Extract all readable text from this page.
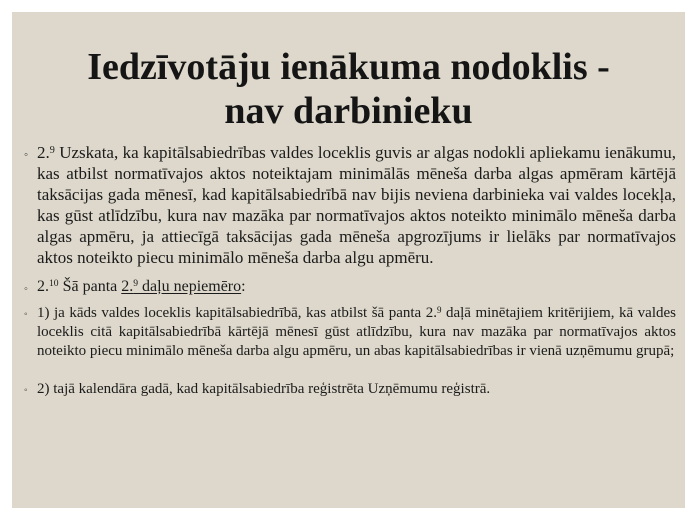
Iedzīvotāju ienākuma nodoklis -
nav darbinieku
◦ 2.$^9$ Uzskata, ka kapitālsabiedrības valdes loceklis guvis ar algas nodokli apliekamu ienākumu, kas atbilst normatīvajos aktos noteiktajam minimālās mēneša darba algas apmēram kārtējā taksācijas gada mēnesī, kad kapitālsabiedrībā nav bijis neviena darbinieka vai valdes locekļa, kas gūst atlīdzību, kura nav mazāka par normatīvajos aktos noteikto minimālo mēneša darba algas apmēru, ja attiecīgā taksācijas gada mēneša apgrozījums ir lielāks par normatīvajos aktos noteikto piecu minimālo mēneša darba algu apmēru.
◦ 2.10 Šā panta 2.$^9$ daļu nepiemēro:
◦ 1) ja kāds valdes loceklis kapitālsabiedrībā, kas atbilst šā panta 2.$^9$ daļā minētajiem kritērijiem, kā valdes loceklis citā kapitālsabiedrībā kārtējā mēnesī gūst atlīdzību, kura nav mazāka par normatīvajos aktos noteikto piecu minimālo mēneša darba algu apmēru, un abas kapitālsabiedrības ir vienā uzņēmumu grupā;
◦ 2) tajā kalendāra gadā, kad kapitālsabiedrība reģistrēta Uzņēmumu reģistrā.
